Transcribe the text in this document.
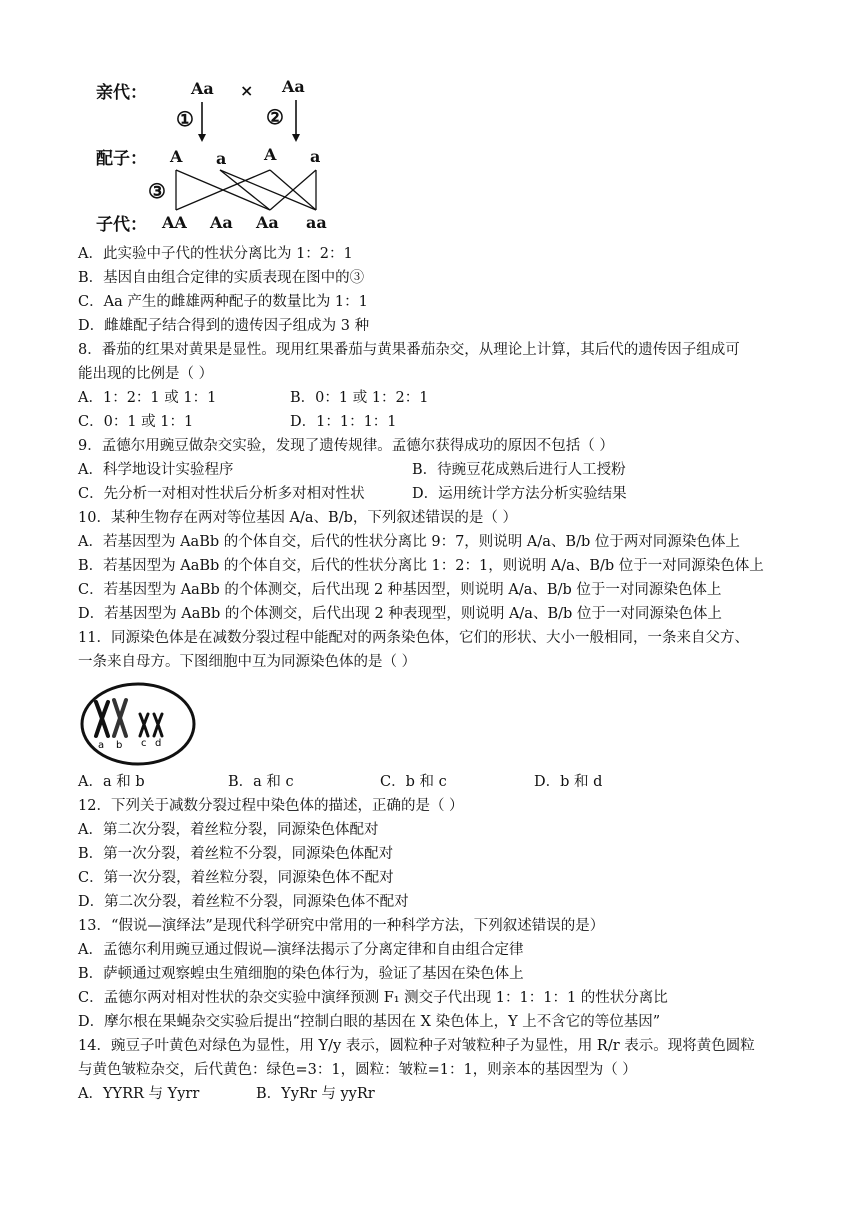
亲代：	Aa × Aa
①	②
配子： A a A a
③
子代： AA Aa Aa aa
A．此实验中子代的性状分离比为 1：2：1
B．基因自由组合定律的实质表现在图中的③
C．Aa 产生的雌雄两种配子的数量比为 1：1
D．雌雄配子结合得到的遗传因子组成为 3 种
8．番茄的红果对黄果是显性。现用红果番茄与黄果番茄杂交，从理论上计算，其后代的遗传因子组成可
能出现的比例是（ ）
A．1：2：1 或 1：1	B．0：1 或 1：2：1
C．0：1 或 1：1	D．1：1：1：1
9．孟德尔用豌豆做杂交实验，发现了遗传规律。孟德尔获得成功的原因不包括（ ）
A．科学地设计实验程序	B．待豌豆花成熟后进行人工授粉
C．先分析一对相对性状后分析多对相对性状	D．运用统计学方法分析实验结果
10．某种生物存在两对等位基因 A/a、B/b，下列叙述错误的是（ ）
A．若基因型为 AaBb 的个体自交，后代的性状分离比 9：7，则说明 A/a、B/b 位于两对同源染色体上
B．若基因型为 AaBb 的个体自交，后代的性状分离比 1：2：1，则说明 A/a、B/b 位于一对同源染色体上
C．若基因型为 AaBb 的个体测交，后代出现 2 种基因型，则说明 A/a、B/b 位于一对同源染色体上
D．若基因型为 AaBb 的个体测交，后代出现 2 种表现型，则说明 A/a、B/b 位于一对同源染色体上
11．同源染色体是在减数分裂过程中能配对的两条染色体，它们的形状、大小一般相同，一条来自父方、
一条来自母方。下图细胞中互为同源染色体的是（ ）
a b c d
A．a 和 b	B．a 和 c	C．b 和 c	D．b 和 d
12．下列关于减数分裂过程中染色体的描述，正确的是（ ）
A．第二次分裂，着丝粒分裂，同源染色体配对
B．第一次分裂，着丝粒不分裂，同源染色体配对
C．第一次分裂，着丝粒分裂，同源染色体不配对
D．第二次分裂，着丝粒不分裂，同源染色体不配对
13．“假说—演绎法”是现代科学研究中常用的一种科学方法，下列叙述错误的是）
A．孟德尔利用豌豆通过假说—演绎法揭示了分离定律和自由组合定律
B．萨顿通过观察蝗虫生殖细胞的染色体行为，验证了基因在染色体上
C．孟德尔两对相对性状的杂交实验中演绎预测 F₁ 测交子代出现 1：1：1：1 的性状分离比
D．摩尔根在果蝇杂交实验后提出“控制白眼的基因在 X 染色体上，Y 上不含它的等位基因”
14．豌豆子叶黄色对绿色为显性，用 Y/y 表示，圆粒种子对皱粒种子为显性，用 R/r 表示。现将黄色圆粒
与黄色皱粒杂交，后代黄色：绿色=3：1，圆粒：皱粒=1：1，则亲本的基因型为（ ）
A．YYRR 与 Yyrr	B．YyRr 与 yyRr
